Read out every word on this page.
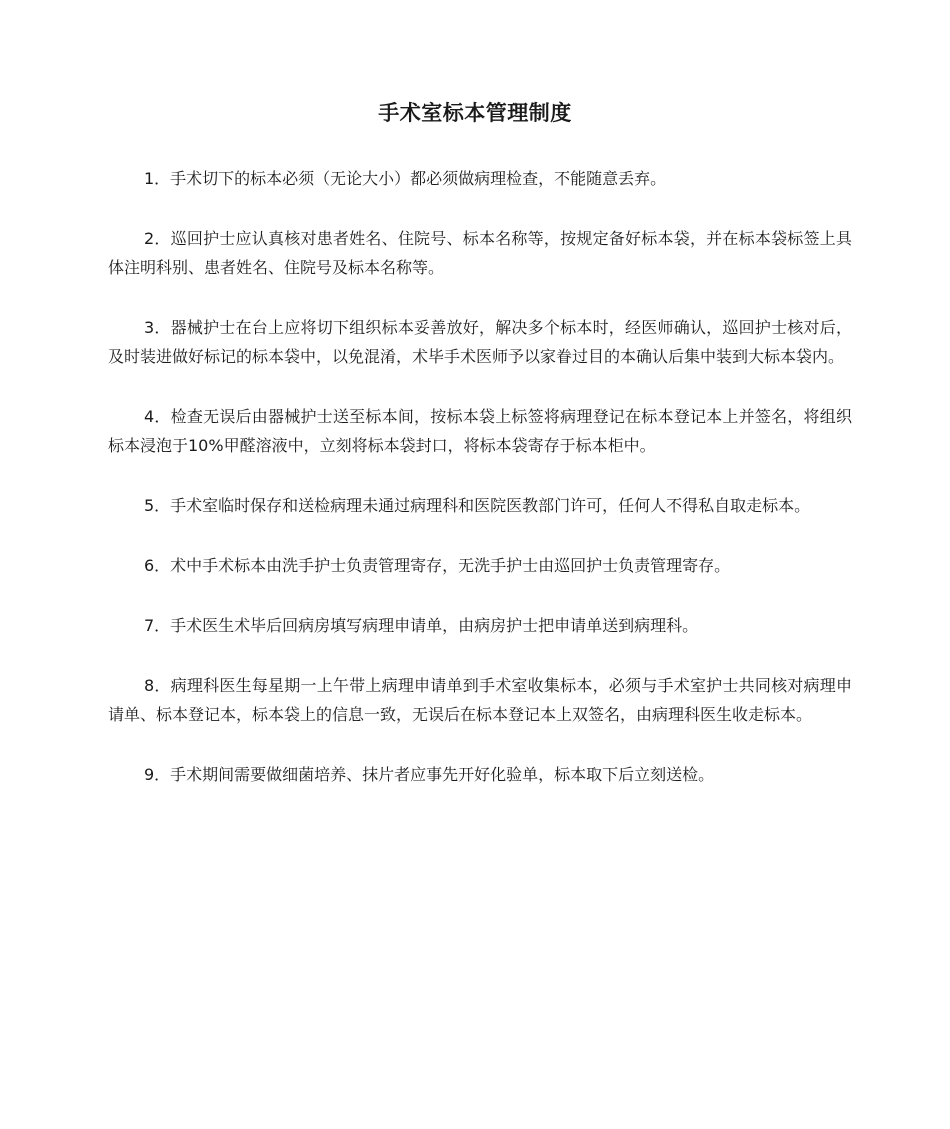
手术室标本管理制度

1．手术切下的标本必须（无论大小）都必须做病理检查，不能随意丢弃。

2．巡回护士应认真核对患者姓名、住院号、标本名称等，按规定备好标本袋，并在标本袋标签上具体注明科别、患者姓名、住院号及标本名称等。

3．器械护士在台上应将切下组织标本妥善放好，解决多个标本时，经医师确认，巡回护士核对后，及时装进做好标记的标本袋中，以免混淆，术毕手术医师予以家眷过目的本确认后集中装到大标本袋内。

4．检查无误后由器械护士送至标本间，按标本袋上标签将病理登记在标本登记本上并签名，将组织标本浸泡于10%甲醛溶液中，立刻将标本袋封口，将标本袋寄存于标本柜中。

5．手术室临时保存和送检病理未通过病理科和医院医教部门许可，任何人不得私自取走标本。

6．术中手术标本由洗手护士负责管理寄存，无洗手护士由巡回护士负责管理寄存。

7．手术医生术毕后回病房填写病理申请单，由病房护士把申请单送到病理科。

8．病理科医生每星期一上午带上病理申请单到手术室收集标本，必须与手术室护士共同核对病理申请单、标本登记本，标本袋上的信息一致，无误后在标本登记本上双签名，由病理科医生收走标本。

9．手术期间需要做细菌培养、抹片者应事先开好化验单，标本取下后立刻送检。
